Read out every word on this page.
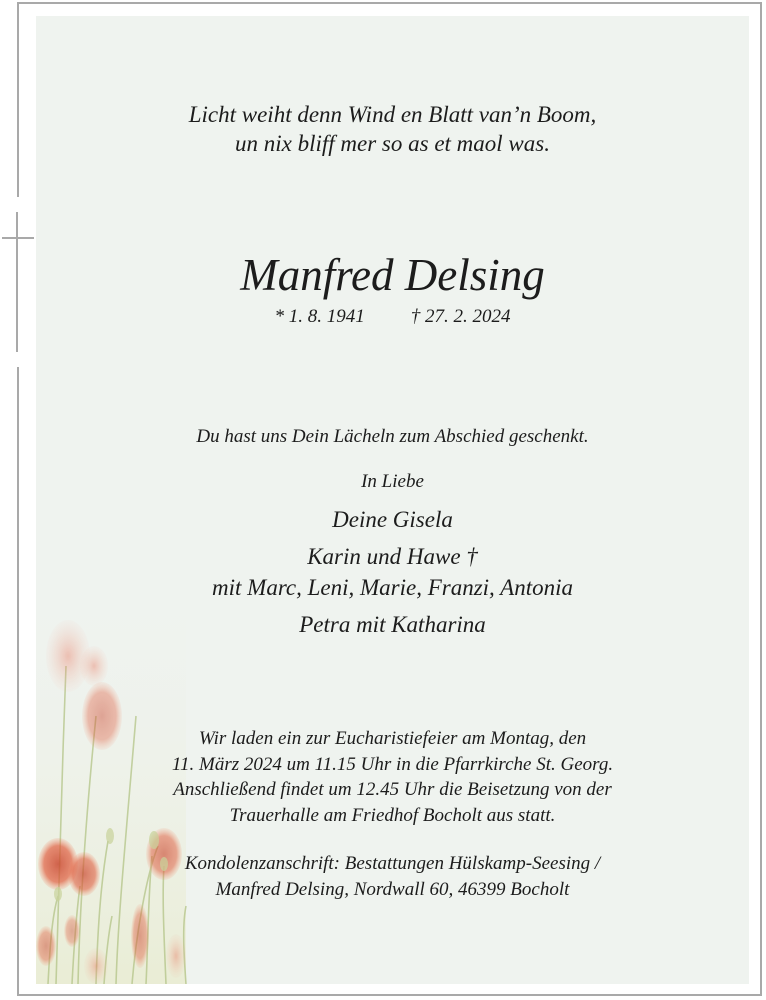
Licht weiht denn Wind en Blatt van’n Boom,
un nix bliff mer so as et maol was.
Manfred Delsing
* 1. 8. 1941 † 27. 2. 2024
Du hast uns Dein Lächeln zum Abschied geschenkt.
In Liebe
Deine Gisela
Karin und Hawe †
mit Marc, Leni, Marie, Franzi, Antonia
Petra mit Katharina
Wir laden ein zur Eucharistiefeier am Montag, den
11. März 2024 um 11.15 Uhr in die Pfarrkirche St. Georg.
Anschließend findet um 12.45 Uhr die Beisetzung von der
Trauerhalle am Friedhof Bocholt aus statt.
Kondolenzanschrift: Bestattungen Hülskamp-Seesing /
Manfred Delsing, Nordwall 60, 46399 Bocholt
